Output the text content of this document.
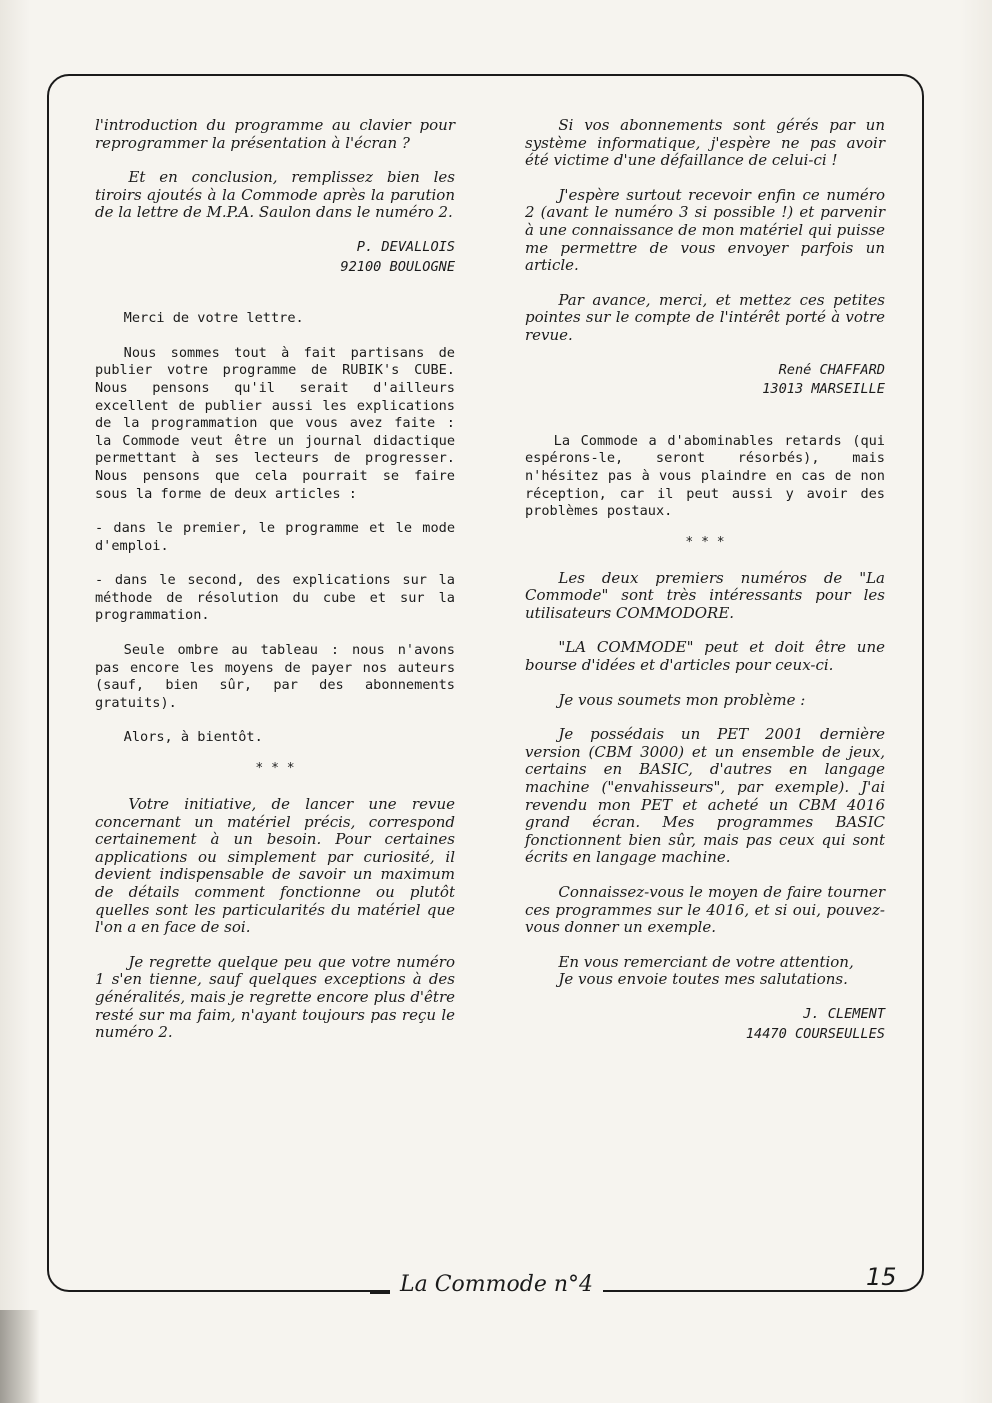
l'introduction du programme au clavier pour reprogrammer la présentation à l'écran ?

Et en conclusion, remplissez bien les tiroirs ajoutés à la Commode après la parution de la lettre de M.P.A. Saulon dans le numéro 2.

P. DEVALLOIS

92100 BOULOGNE

Merci de votre lettre.

Nous sommes tout à fait partisans de publier votre programme de RUBIK's CUBE. Nous pensons qu'il serait d'ailleurs excellent de publier aussi les explications de la programmation que vous avez faite : la Commode veut être un journal didactique permettant à ses lecteurs de progresser. Nous pensons que cela pourrait se faire sous la forme de deux articles :

- dans le premier, le programme et le mode d'emploi.

- dans le second, des explications sur la méthode de résolution du cube et sur la programmation.

Seule ombre au tableau : nous n'avons pas encore les moyens de payer nos auteurs (sauf, bien sûr, par des abonnements gratuits).

Alors, à bientôt.

* * *

Votre initiative, de lancer une revue concernant un matériel précis, correspond certainement à un besoin. Pour certaines applications ou simplement par curiosité, il devient indispensable de savoir un maximum de détails comment fonctionne ou plutôt quelles sont les particularités du matériel que l'on a en face de soi.

Je regrette quelque peu que votre numéro 1 s'en tienne, sauf quelques exceptions à des généralités, mais je regrette encore plus d'être resté sur ma faim, n'ayant toujours pas reçu le numéro 2.

Si vos abonnements sont gérés par un système informatique, j'espère ne pas avoir été victime d'une défaillance de celui-ci !

J'espère surtout recevoir enfin ce numéro 2 (avant le numéro 3 si possible !) et parvenir à une connaissance de mon matériel qui puisse me permettre de vous envoyer parfois un article.

Par avance, merci, et mettez ces petites pointes sur le compte de l'intérêt porté à votre revue.

René CHAFFARD

13013 MARSEILLE

La Commode a d'abominables retards (qui espérons-le, seront résorbés), mais n'hésitez pas à vous plaindre en cas de non réception, car il peut aussi y avoir des problèmes postaux.

* * *

Les deux premiers numéros de "La Commode" sont très intéressants pour les utilisateurs COMMODORE.

"LA COMMODE" peut et doit être une bourse d'idées et d'articles pour ceux-ci.

Je vous soumets mon problème :

Je possédais un PET 2001 dernière version (CBM 3000) et un ensemble de jeux, certains en BASIC, d'autres en langage machine ("envahisseurs", par exemple). J'ai revendu mon PET et acheté un CBM 4016 grand écran. Mes programmes BASIC fonctionnent bien sûr, mais pas ceux qui sont écrits en langage machine.

Connaissez-vous le moyen de faire tourner ces programmes sur le 4016, et si oui, pouvez-vous donner un exemple.

En vous remerciant de votre attention,

Je vous envoie toutes mes salutations.

J. CLEMENT

14470 COURSEULLES

La Commode n°4	15
